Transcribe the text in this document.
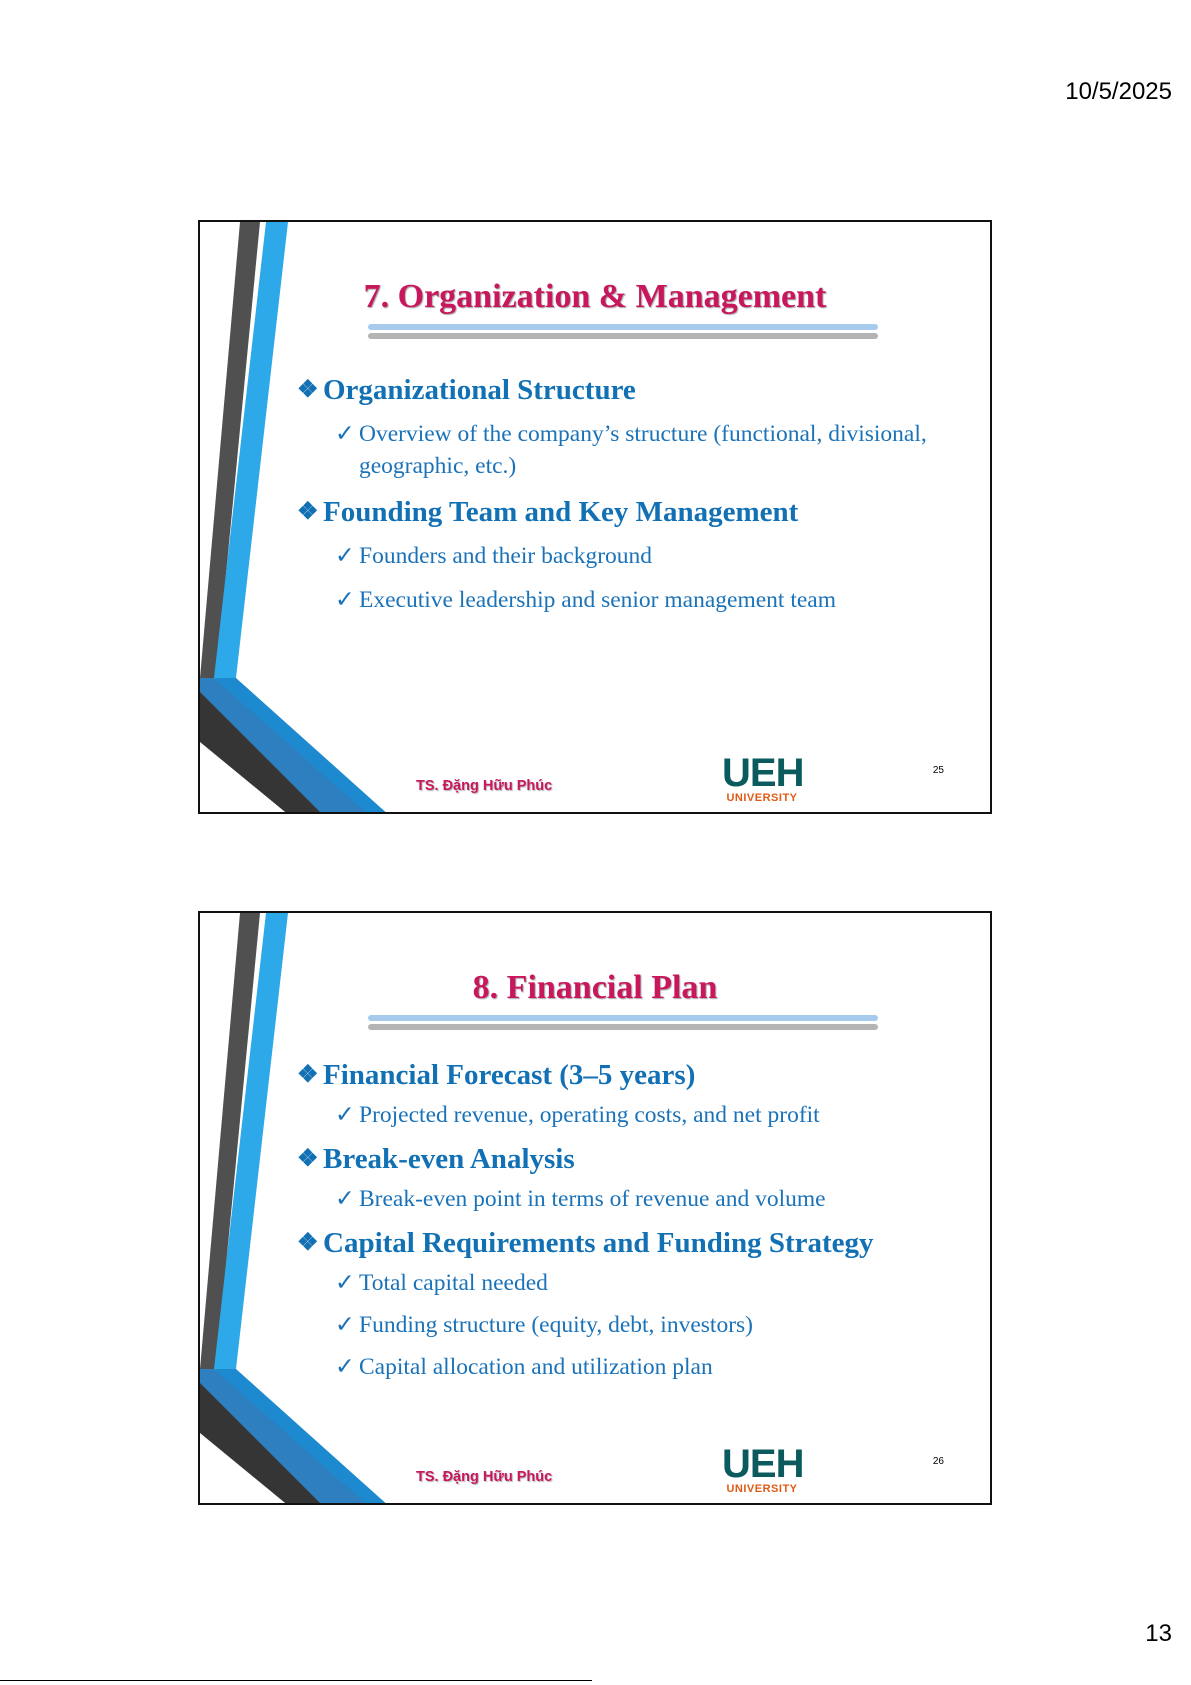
10/5/2025
7. Organization & Management
❖ Organizational Structure
✓ Overview of the company’s structure (functional, divisional, geographic, etc.)
❖ Founding Team and Key Management
✓ Founders and their background
✓ Executive leadership and senior management team
TS. Đặng Hữu Phúc	UEH
UNIVERSITY
25
8. Financial Plan
❖ Financial Forecast (3–5 years)
✓ Projected revenue, operating costs, and net profit
❖ Break-even Analysis
✓ Break-even point in terms of revenue and volume
❖ Capital Requirements and Funding Strategy
✓ Total capital needed
✓ Funding structure (equity, debt, investors)
✓ Capital allocation and utilization plan
TS. Đặng Hữu Phúc	UEH
UNIVERSITY
26
13
